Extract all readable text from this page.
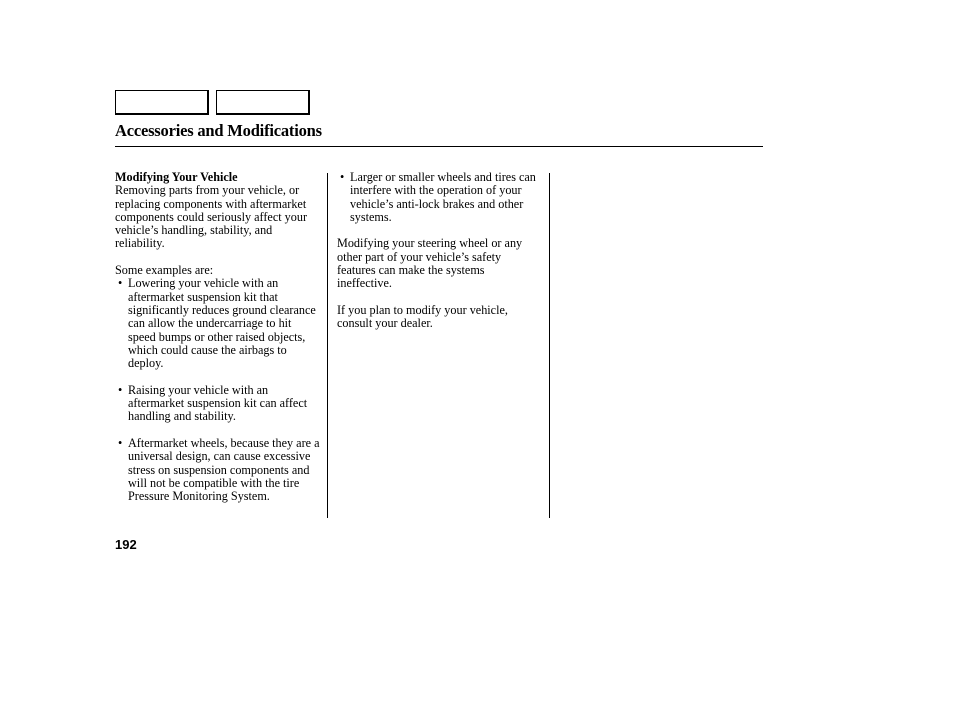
Accessories and Modifications

Modifying Your Vehicle

Removing parts from your vehicle, or replacing components with aftermarket components could seriously affect your vehicle’s handling, stability, and reliability.

Some examples are:

• Lowering your vehicle with an aftermarket suspension kit that significantly reduces ground clearance can allow the undercarriage to hit speed bumps or other raised objects, which could cause the airbags to deploy.
• Raising your vehicle with an aftermarket suspension kit can affect handling and stability.
• Aftermarket wheels, because they are a universal design, can cause excessive stress on suspension components and will not be compatible with the tire Pressure Monitoring System.
• Larger or smaller wheels and tires can interfere with the operation of your vehicle’s anti-lock brakes and other systems.

Modifying your steering wheel or any other part of your vehicle’s safety features can make the systems ineffective.

If you plan to modify your vehicle, consult your dealer.

192
